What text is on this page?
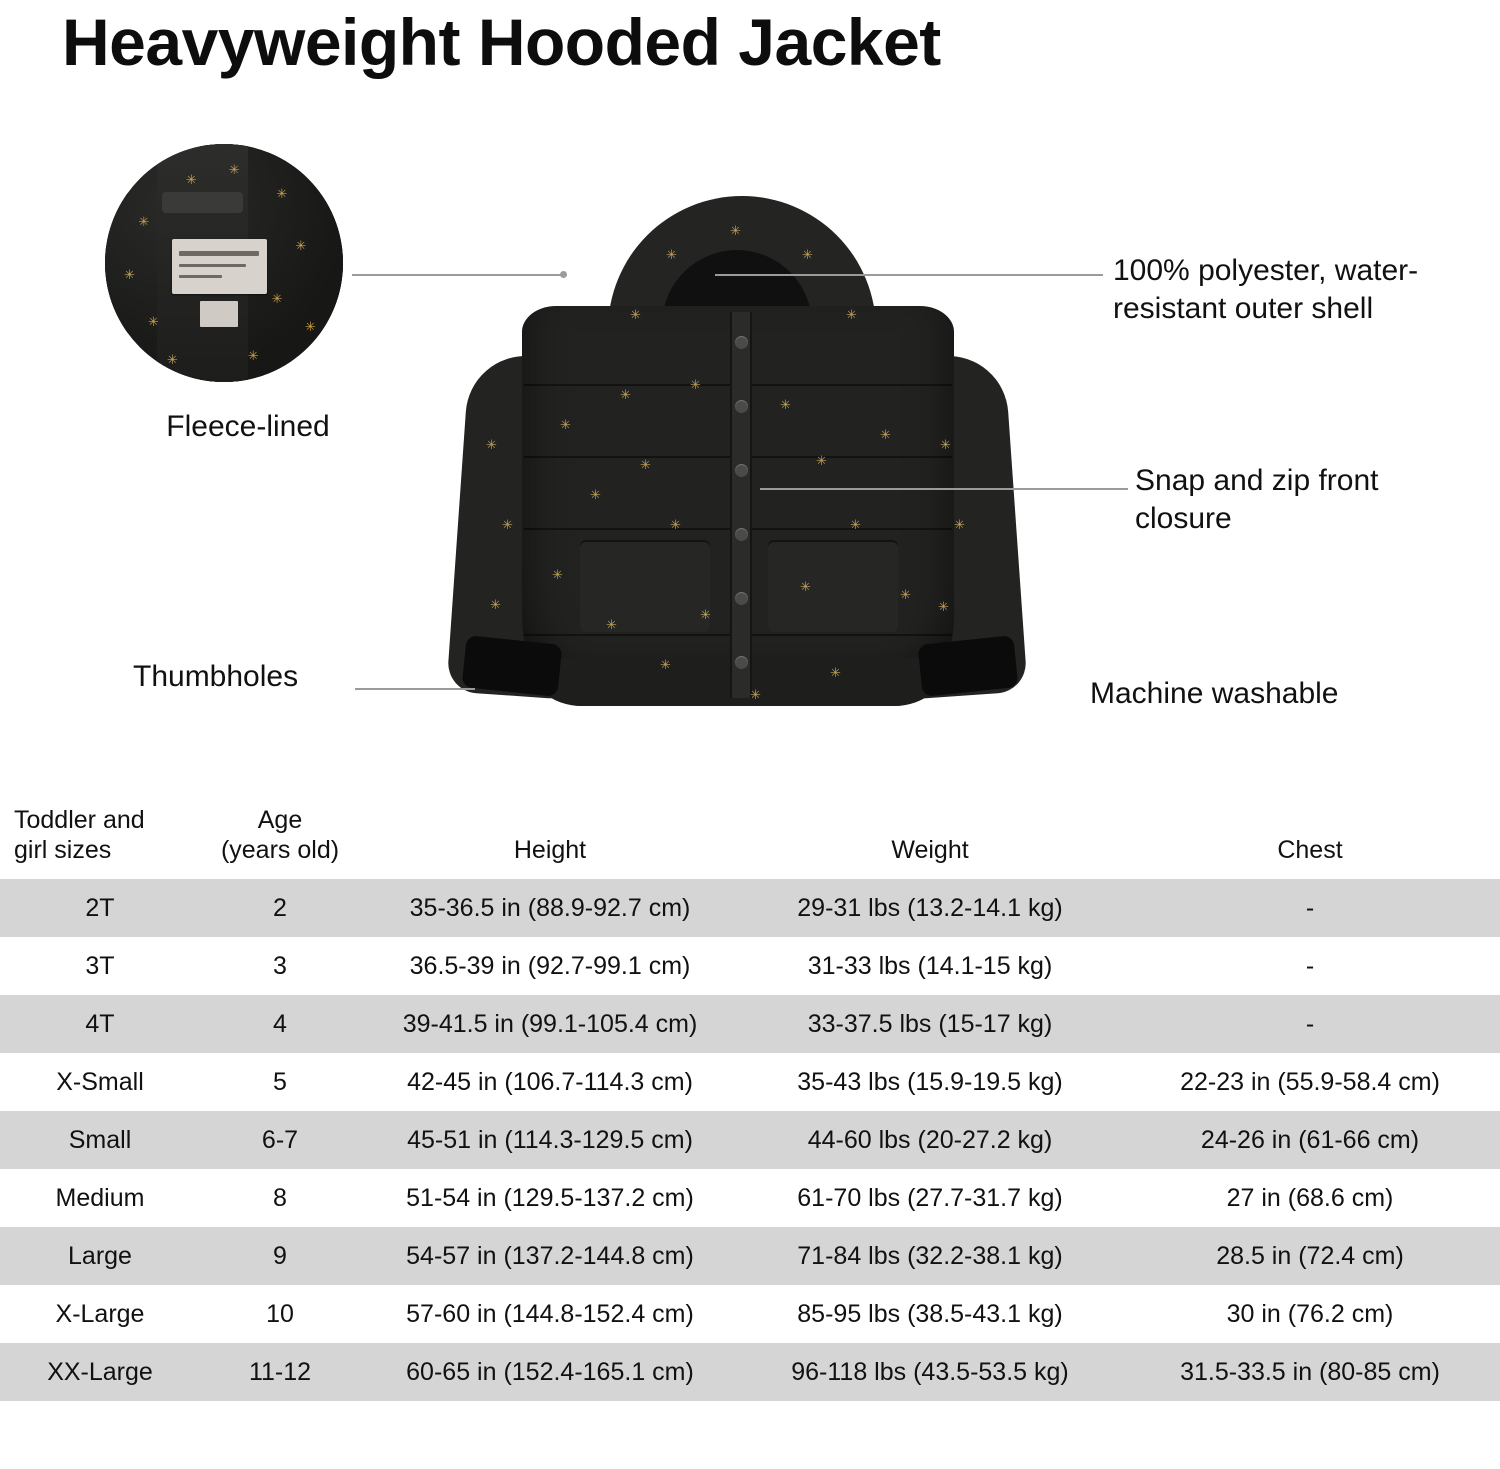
Heavyweight Hooded Jacket
✳
✳
✳
✳
✳
✳
✳
✳
✳
✳	✳
Fleece-lined	✳
✳
✳
✳
✳
✳
✳
✳
✳
✳
✳
✳
✳
✳
✳
✳
✳
✳
✳
✳
✳
✳
✳
✳
✳
✳
✳
✳
✳
100% polyester, water-resistant outer shell
Snap and zip front closure
Machine washable
Thumbholes
Toddler and
girl sizes	Age
(years old)	Height	Weight	Chest
2T	2	35-36.5 in (88.9-92.7 cm)	29-31 lbs (13.2-14.1 kg)	-
3T	3	36.5-39 in (92.7-99.1 cm)	31-33 lbs (14.1-15 kg)	-
4T	4	39-41.5 in (99.1-105.4 cm)	33-37.5 lbs (15-17 kg)	-
X-Small	5	42-45 in (106.7-114.3 cm)	35-43 lbs (15.9-19.5 kg)	22-23 in (55.9-58.4 cm)
Small	6-7	45-51 in (114.3-129.5 cm)	44-60 lbs (20-27.2 kg)	24-26 in (61-66 cm)
Medium	8	51-54 in (129.5-137.2 cm)	61-70 lbs (27.7-31.7 kg)	27 in (68.6 cm)
Large	9	54-57 in (137.2-144.8 cm)	71-84 lbs (32.2-38.1 kg)	28.5 in (72.4 cm)
X-Large	10	57-60 in (144.8-152.4 cm)	85-95 lbs (38.5-43.1 kg)	30 in (76.2 cm)
XX-Large	11-12	60-65 in (152.4-165.1 cm)	96-118 lbs (43.5-53.5 kg)	31.5-33.5 in (80-85 cm)
